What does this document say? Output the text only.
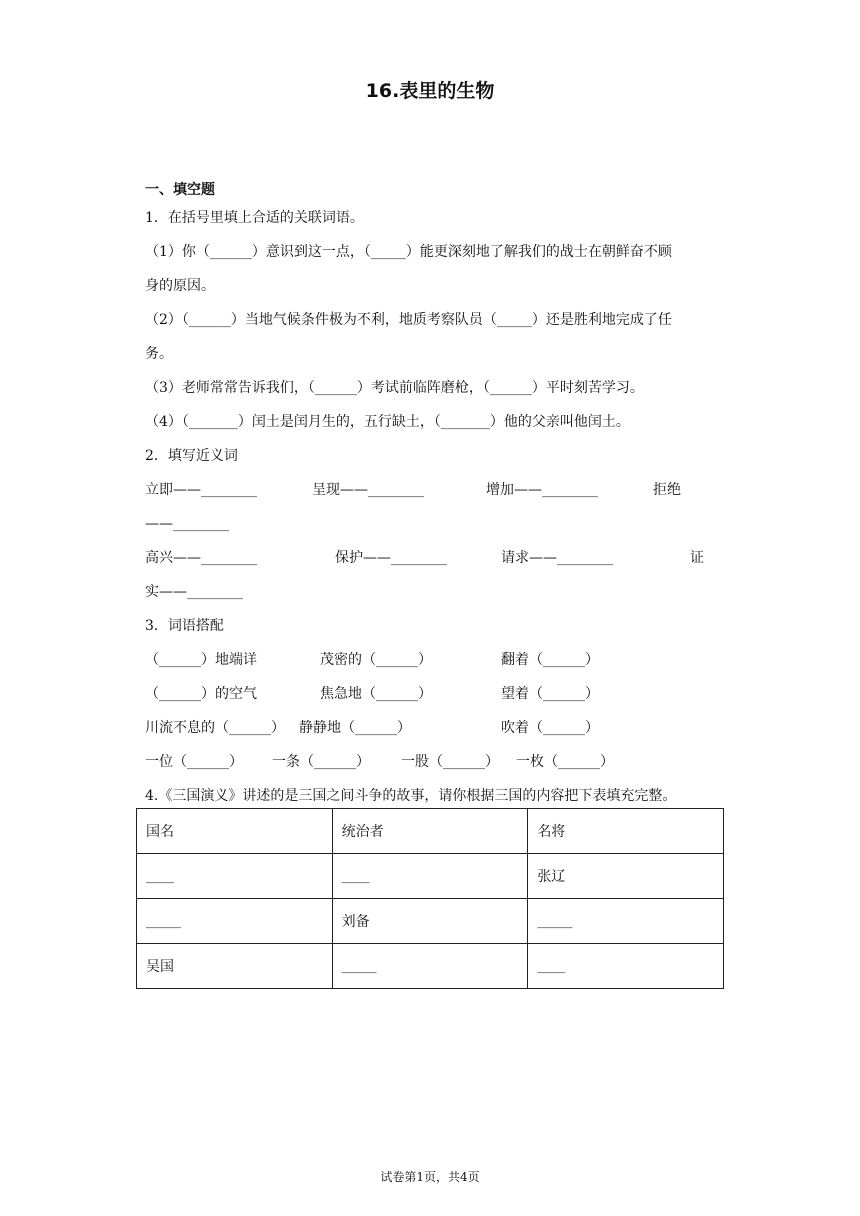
16.表里的生物
一、填空题
1．在括号里填上合适的关联词语。
（1）你（______）意识到这一点，（_____）能更深刻地了解我们的战士在朝鲜奋不顾
身的原因。
（2）（______）当地气候条件极为不利，地质考察队员（_____）还是胜利地完成了任
务。
（3）老师常常告诉我们，（______）考试前临阵磨枪，（______）平时刻苦学习。
（4）（_______）闰土是闰月生的，五行缺土，（_______）他的父亲叫他闰土。
2．填写近义词
立即——________	呈现——________	增加——________	拒绝
——________
高兴——________	保护——________	请求——________	证
实——________
3．词语搭配
（______）地端详	茂密的（______）	翻着（______）
（______）的空气	焦急地（______）	望着（______）
川流不息的（______） 静静地（______）	吹着（______）
一位（______） 一条（______） 一股（______） 一枚（______）
4.《三国演义》讲述的是三国之间斗争的故事，请你根据三国的内容把下表填充完整。
国名	统治者	名将
____	____	张辽
_____	刘备	_____
吴国	_____	____
试卷第1页，共4页
